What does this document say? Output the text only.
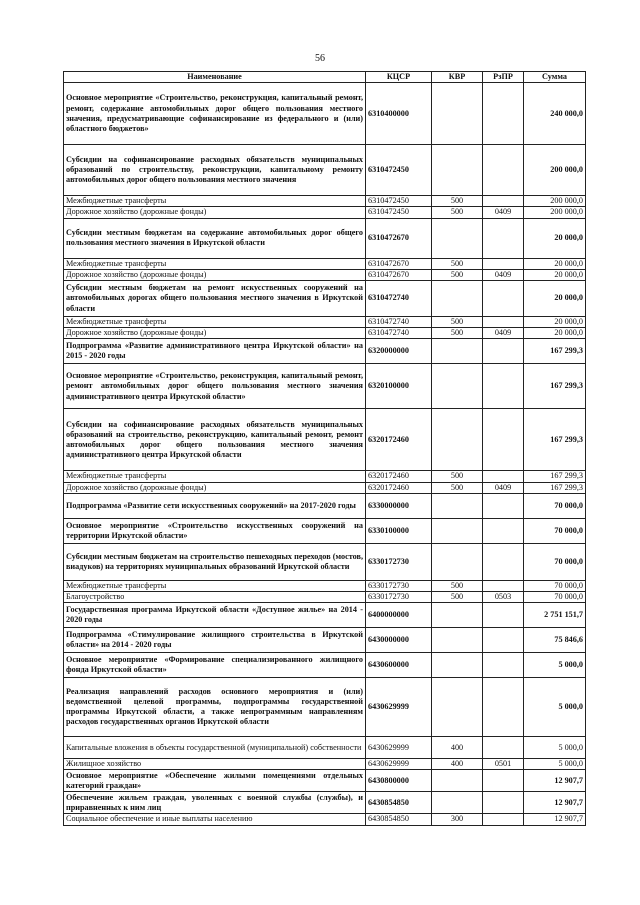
56
Наименование	КЦСР	КВР	РзПР	Сумма
Основное мероприятие «Строительство, реконструкция, капитальный ремонт, ремонт, содержание автомобильных дорог общего пользования местного значения, предусматривающие софинансирование из федерального и (или) областного бюджетов»	6310400000			240 000,0
Субсидии на софинансирование расходных обязательств муниципальных образований по строительству, реконструкции, капитальному ремонту автомобильных дорог общего пользования местного значения	6310472450			200 000,0
Межбюджетные трансферты	6310472450	500		200 000,0
Дорожное хозяйство (дорожные фонды)	6310472450	500	0409	200 000,0
Субсидии местным бюджетам на содержание автомобильных дорог общего пользования местного значения в Иркутской области	6310472670			20 000,0
Межбюджетные трансферты	6310472670	500		20 000,0
Дорожное хозяйство (дорожные фонды)	6310472670	500	0409	20 000,0
Субсидии местным бюджетам на ремонт искусственных сооружений на автомобильных дорогах общего пользования местного значения в Иркутской области	6310472740			20 000,0
Межбюджетные трансферты	6310472740	500		20 000,0
Дорожное хозяйство (дорожные фонды)	6310472740	500	0409	20 000,0
Подпрограмма «Развитие административного центра Иркутской области» на 2015 - 2020 годы	6320000000			167 299,3
Основное мероприятие «Строительство, реконструкция, капитальный ремонт, ремонт автомобильных дорог общего пользования местного значения административного центра Иркутской области»	6320100000			167 299,3
Субсидии на софинансирование расходных обязательств муниципальных образований на строительство, реконструкцию, капитальный ремонт, ремонт автомобильных дорог общего пользования местного значения административного центра Иркутской области	6320172460			167 299,3
Межбюджетные трансферты	6320172460	500		167 299,3
Дорожное хозяйство (дорожные фонды)	6320172460	500	0409	167 299,3
Подпрограмма «Развитие сети искусственных сооружений» на 2017-2020 годы	6330000000			70 000,0
Основное мероприятие «Строительство искусственных сооружений на территории Иркутской области»	6330100000			70 000,0
Субсидии местным бюджетам на строительство пешеходных переходов (мостов, виадуков) на территориях муниципальных образований Иркутской области	6330172730			70 000,0
Межбюджетные трансферты	6330172730	500		70 000,0
Благоустройство	6330172730	500	0503	70 000,0
Государственная программа Иркутской области «Доступное жилье» на 2014 - 2020 годы	6400000000			2 751 151,7
Подпрограмма «Стимулирование жилищного строительства в Иркутской области» на 2014 - 2020 годы	6430000000			75 846,6
Основное мероприятие «Формирование специализированного жилищного фонда Иркутской области»	6430600000			5 000,0
Реализация направлений расходов основного мероприятия и (или) ведомственной целевой программы, подпрограммы государственной программы Иркутской области, а также непрограммным направлениям расходов государственных органов Иркутской области	6430629999			5 000,0
Капитальные вложения в объекты государственной (муниципальной) собственности	6430629999	400		5 000,0
Жилищное хозяйство	6430629999	400	0501	5 000,0
Основное мероприятие «Обеспечение жилыми помещениями отдельных категорий граждан»	6430800000			12 907,7
Обеспечение жильем граждан, уволенных с военной службы (службы), и приравненных к ним лиц	6430854850			12 907,7
Социальное обеспечение и иные выплаты населению	6430854850	300		12 907,7
